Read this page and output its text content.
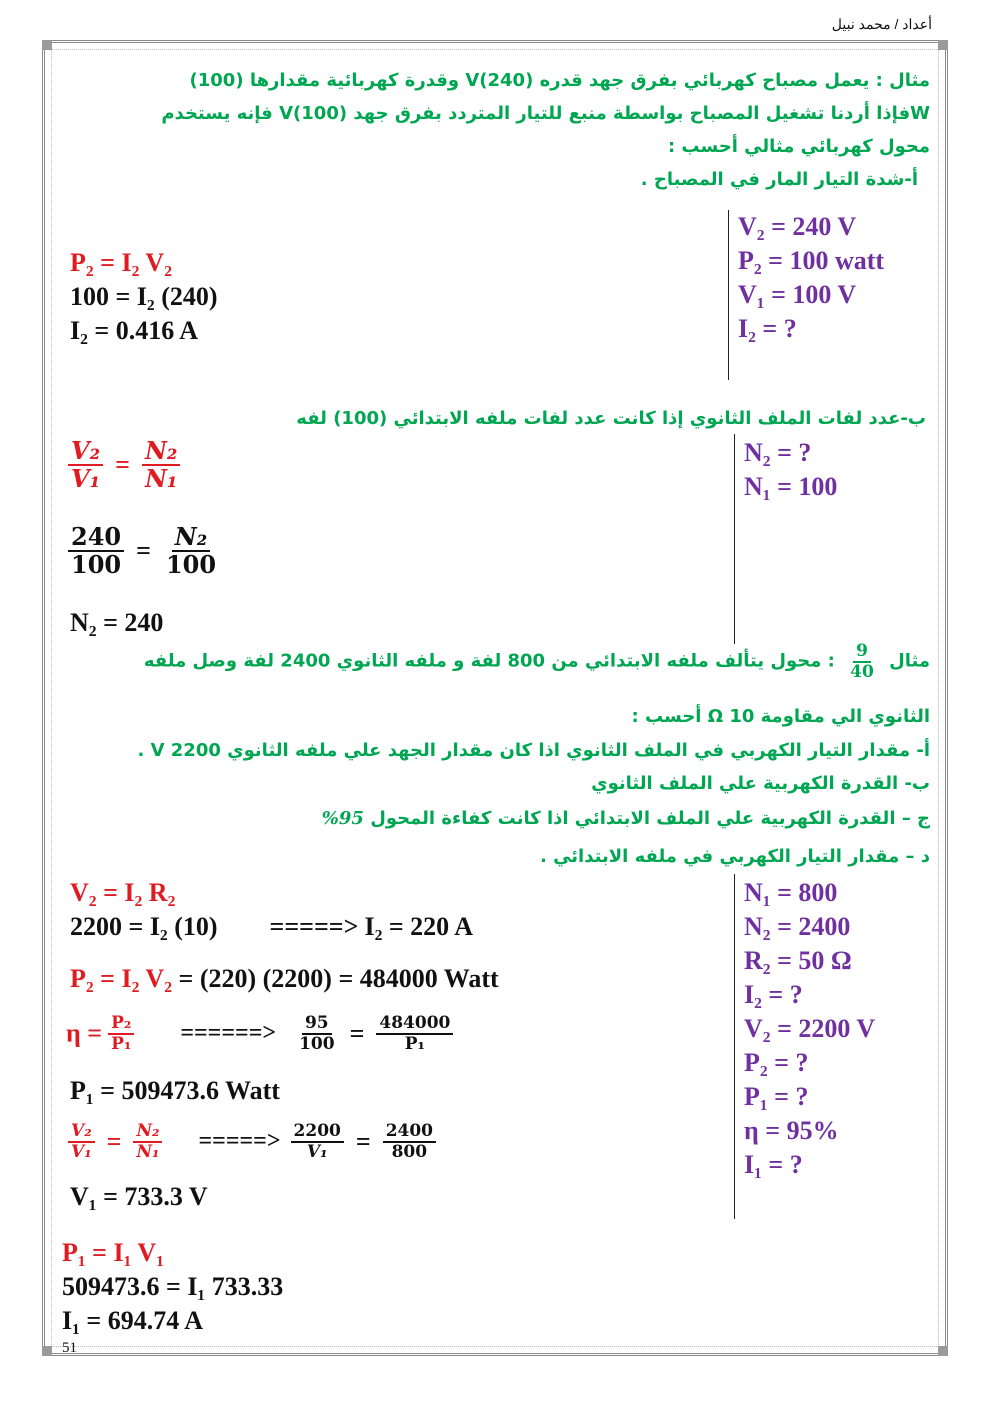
أعداد / محمد نبيل
مثال : يعمل مصباح كهربائي بفرق جهد قدره V(240) وقدرة كهربائية مقدارها (100)
Wفإذا أردنا تشغيل المصباح بواسطة منبع للتيار المتردد بفرق جهد V(100) فإنه يستخدم
محول كهربائي مثالي أحسب :
أ-شدة التيار المار في المصباح .
V₂ = 240 V
P₂ = 100 watt
V₁ = 100 V
I₂ = ?
P₂ = I₂ V₂
100 = I₂ (240)
I₂ = 0.416 A
ب-عدد لفات الملف الثانوي إذا كانت عدد لفات ملفه الابتدائي (100) لفه
N₂ = ?
N₁ = 100
$\frac{\text{V₂}}{\text{V₁}} = \frac{\text{N₂}}{\text{N₁}}$
$\frac{240}{100} = \frac{\text{N₂}}{100}$
N₂ = 240
مثال
$\frac{9}{40}$
: محول يتألف ملفه الابتدائي من 800 لفة و ملفه الثانوي 2400 لفة وصل ملفه
الثانوي الي مقاومة Ω 10 أحسب :
أ- مقدار التيار الكهربي في الملف الثانوي اذا كان مقدار الجهد علي ملفه الثانوي V 2200 .
ب- القدرة الكهربية علي الملف الثانوي
ج – القدرة الكهربية علي الملف الابتدائي اذا كانت كفاءة المحول 95%
د – مقدار التيار الكهربي في ملفه الابتدائي .
N₁ = 800
N₂ = 2400
R₂ = 50 Ω
I₂ = ?
V₂ = 2200 V
P₂ = ?
P₁ = ?
η = 95%
I₁ = ?
V₂ = I₂ R₂
2200 = I₂ (10) =====> I₂ = 220 A
P₂ = I₂ V₂ = (220) (2200) = 484000 Watt
$\eta = \frac{\text{P₂}}{\text{P₁}}$ ======> $\frac{95}{100} = \frac{484000}{\text{P₁}}$
P₁ = 509473.6 Watt
$\frac{\text{V₂}}{\text{V₁}} = \frac{\text{N₂}}{\text{N₁}}$ =====> $\frac{2200}{\text{V₁}} = \frac{2400}{800}$
V₁ = 733.3 V
P₁ = I₁ V₁
509473.6 = I₁ 733.33
I₁ = 694.74 A
51
